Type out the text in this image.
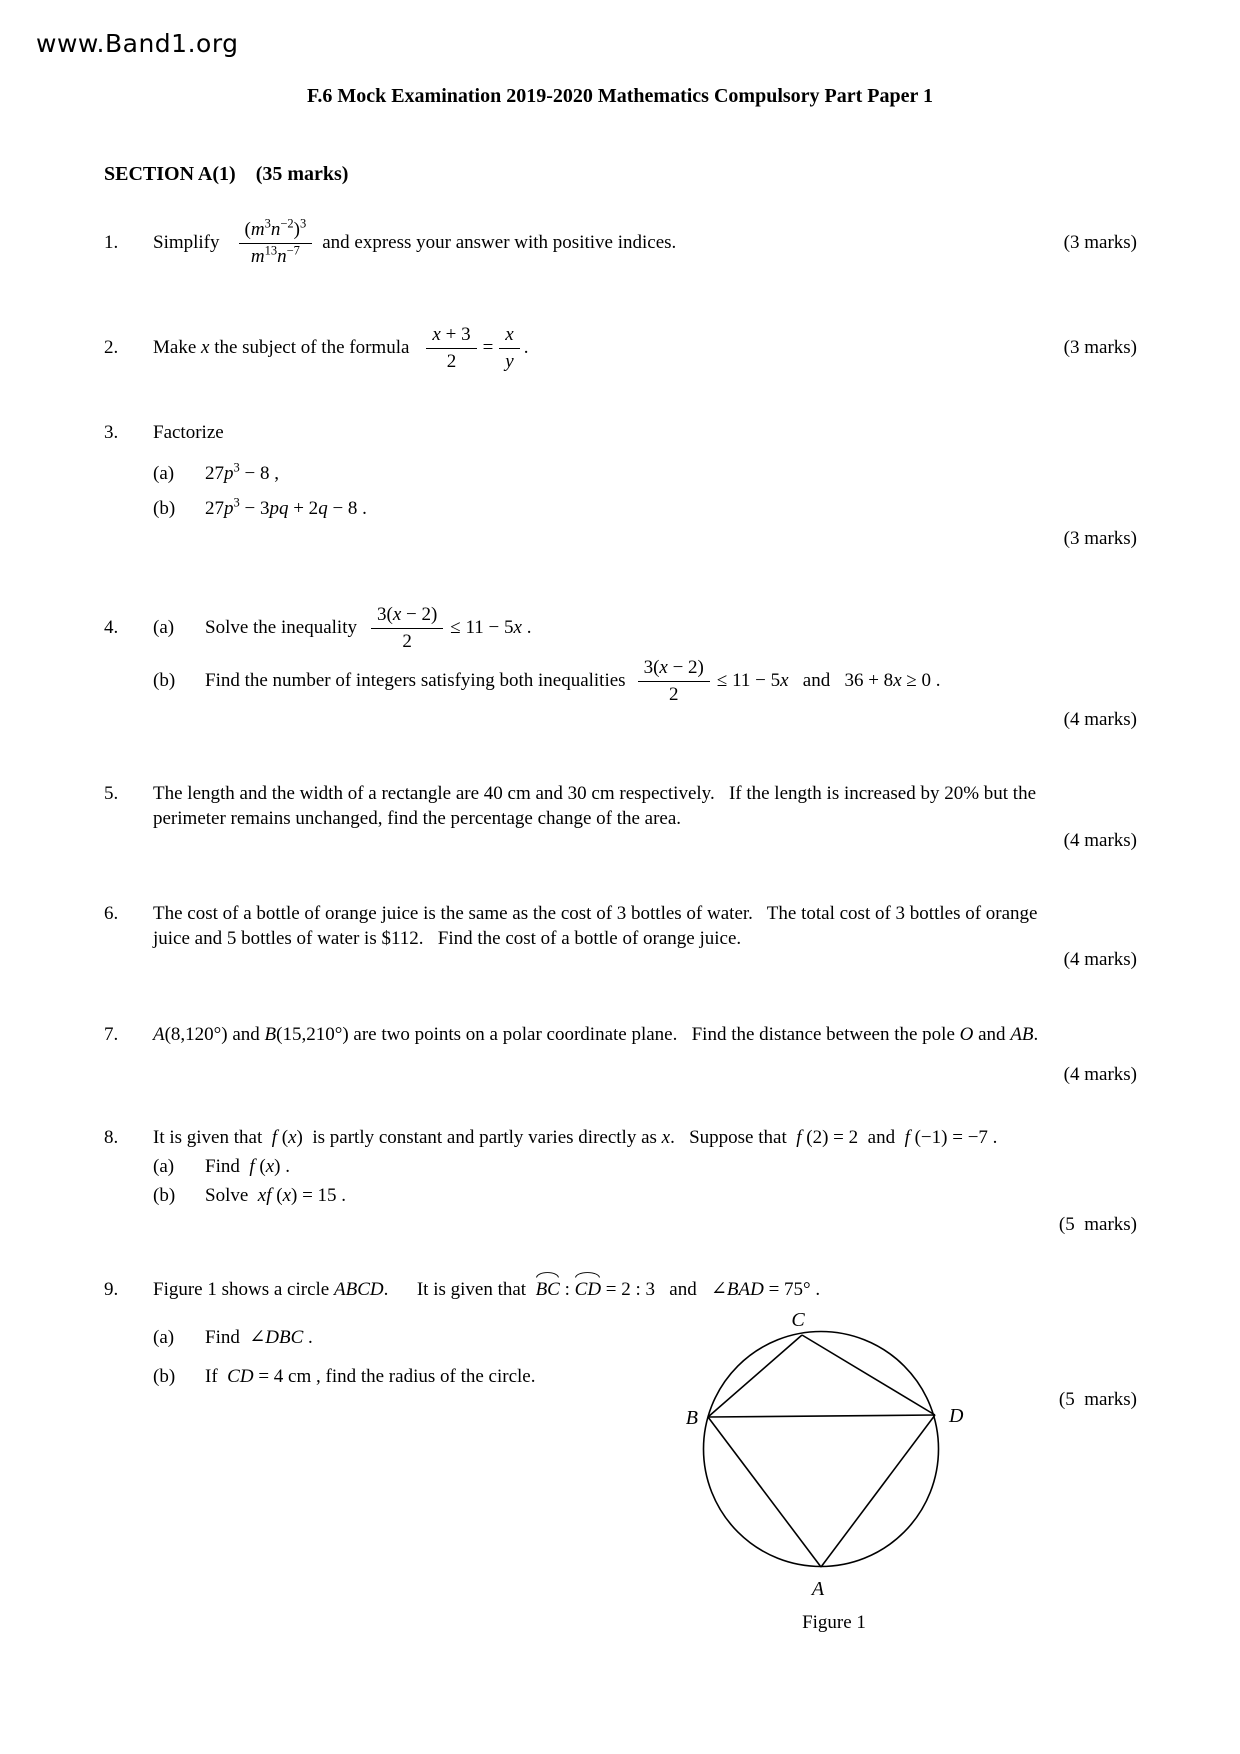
www.Band1.org
F.6 Mock Examination 2019-2020 Mathematics Compulsory Part Paper 1
SECTION A(1)    (35 marks)
1.	Simplify $\frac{(m^3n^{-2})^3}{m^{13}n^{-7}}$ and express your answer with positive indices.	(3 marks)
2.	Make x the subject of the formula $\frac{x + 3}{2} = \frac{x}{y}$ .	(3 marks)
3.	Factorize
(a)	$27p^3 - 8$ ,
(b)	$27p^3 - 3pq + 2q - 8$ .
(3 marks)
4.	(a)	Solve the inequality $\frac{3(x - 2)}{2} \le 11 - 5x$ .
(b)	Find the number of integers satisfying both inequalities $\frac{3(x - 2)}{2} \le 11 - 5x$   and   36 + 8x ≥ 0 .
(4 marks)
5.	The length and the width of a rectangle are 40 cm and 30 cm respectively.   If the length is increased by 20% but the
perimeter remains unchanged, find the percentage change of the area.
(4 marks)
6.	The cost of a bottle of orange juice is the same as the cost of 3 bottles of water.   The total cost of 3 bottles of orange
juice and 5 bottles of water is $112.   Find the cost of a bottle of orange juice.
(4 marks)
7.	A(8,120°) and B(15,210°) are two points on a polar coordinate plane.   Find the distance between the pole O and AB.
(4 marks)
8.	It is given that  f (x)  is partly constant and partly varies directly as x.   Suppose that  f (2) = 2  and  f (−1) = −7 .
(a)	Find  f (x) .
(b)	Solve  xf (x) = 15 .
(5  marks)
9.	Figure 1 shows a circle ABCD.      It is given that  BC : CD = 2 : 3   and   ∠BAD = 75° .
(a)	Find  ∠DBC .
(b)	If  CD = 4 cm , find the radius of the circle.
(5  marks)
C
B	D
A
Figure 1
